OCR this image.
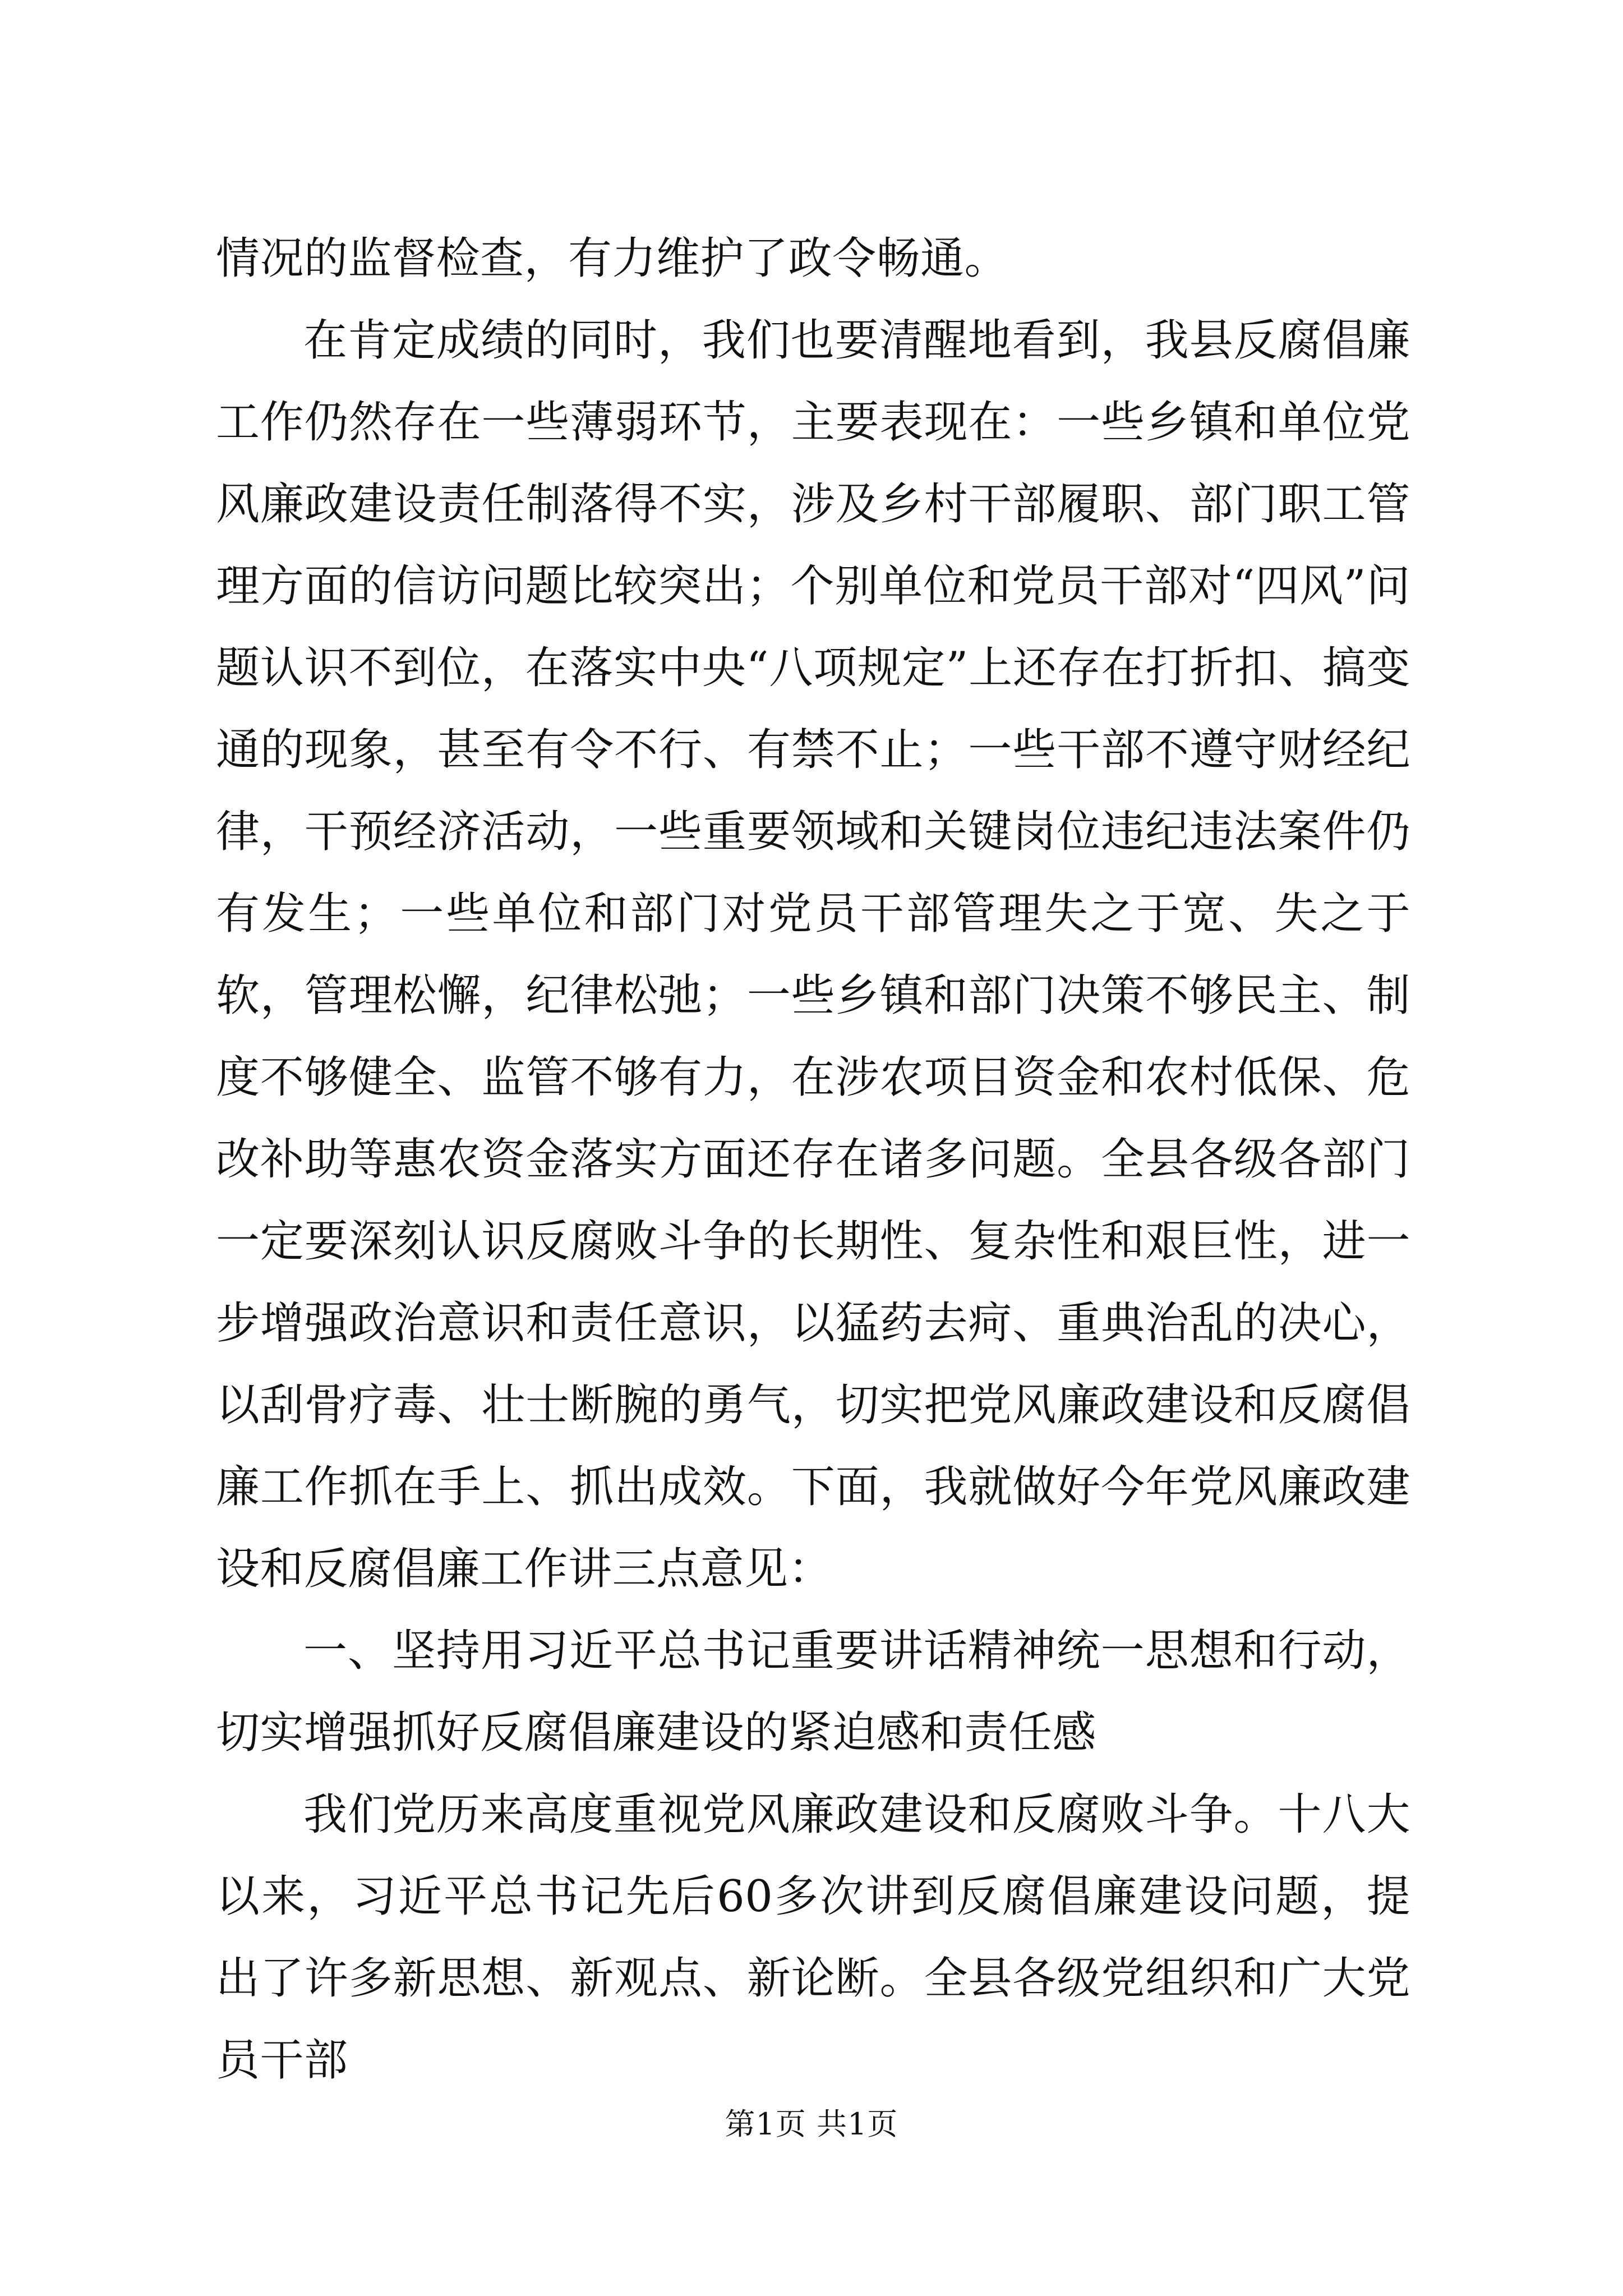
情况的监督检查，有力维护了政令畅通。

在肯定成绩的同时，我们也要清醒地看到，我县反腐倡廉工作仍然存在一些薄弱环节，主要表现在：一些乡镇和单位党风廉政建设责任制落得不实，涉及乡村干部履职、部门职工管理方面的信访问题比较突出；个别单位和党员干部对“四风”问题认识不到位，在落实中央“八项规定”上还存在打折扣、搞变通的现象，甚至有令不行、有禁不止；一些干部不遵守财经纪律，干预经济活动，一些重要领域和关键岗位违纪违法案件仍有发生；一些单位和部门对党员干部管理失之于宽、失之于软，管理松懈，纪律松弛；一些乡镇和部门决策不够民主、制度不够健全、监管不够有力，在涉农项目资金和农村低保、危改补助等惠农资金落实方面还存在诸多问题。全县各级各部门一定要深刻认识反腐败斗争的长期性、复杂性和艰巨性，进一步增强政治意识和责任意识，以猛药去疴、重典治乱的决心，以刮骨疗毒、壮士断腕的勇气，切实把党风廉政建设和反腐倡廉工作抓在手上、抓出成效。下面，我就做好今年党风廉政建设和反腐倡廉工作讲三点意见：

一、坚持用习近平总书记重要讲话精神统一思想和行动，切实增强抓好反腐倡廉建设的紧迫感和责任感

我们党历来高度重视党风廉政建设和反腐败斗争。十八大以来，习近平总书记先后60多次讲到反腐倡廉建设问题，提出了许多新思想、新观点、新论断。全县各级党组织和广大党员干部

第1页 共1页
